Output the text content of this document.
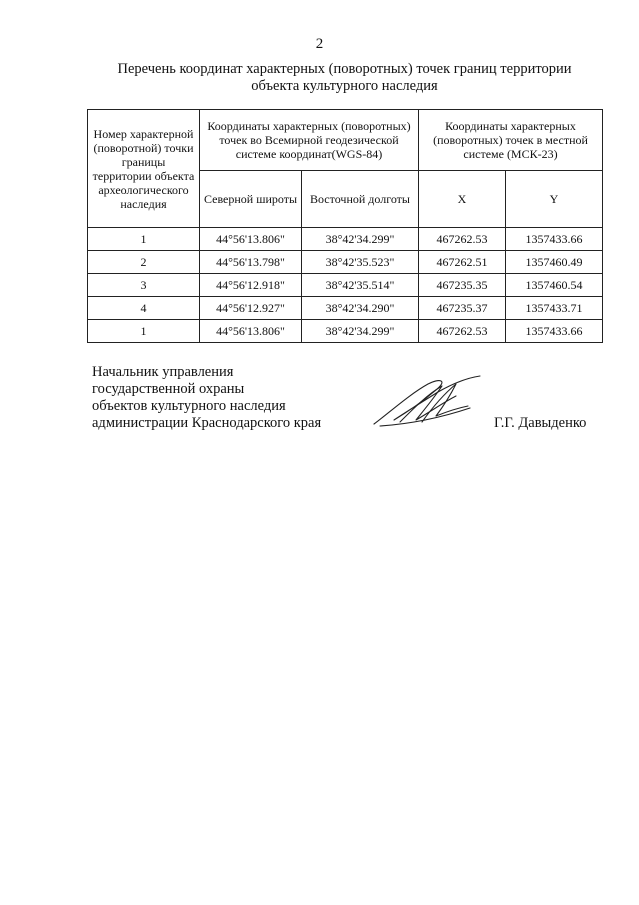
2
Перечень координат характерных (поворотных) точек границ территории
объекта культурного наследия
Номер характерной (поворотной) точки границы территории объекта археологического наследия	Координаты характерных (поворотных) точек во Всемирной геодезической системе координат(WGS-84)		Координаты характерных (поворотных) точек в местной системе (МСК-23)	
	Северной широты	Восточной долготы	X	Y
1	44°56'13.806"	38°42'34.299"	467262.53	1357433.66
2	44°56'13.798"	38°42'35.523"	467262.51	1357460.49
3	44°56'12.918"	38°42'35.514"	467235.35	1357460.54
4	44°56'12.927"	38°42'34.290"	467235.37	1357433.71
1	44°56'13.806"	38°42'34.299"	467262.53	1357433.66
Начальник управления
государственной охраны
объектов культурного наследия
администрации Краснодарского края	Г.Г. Давыденко
